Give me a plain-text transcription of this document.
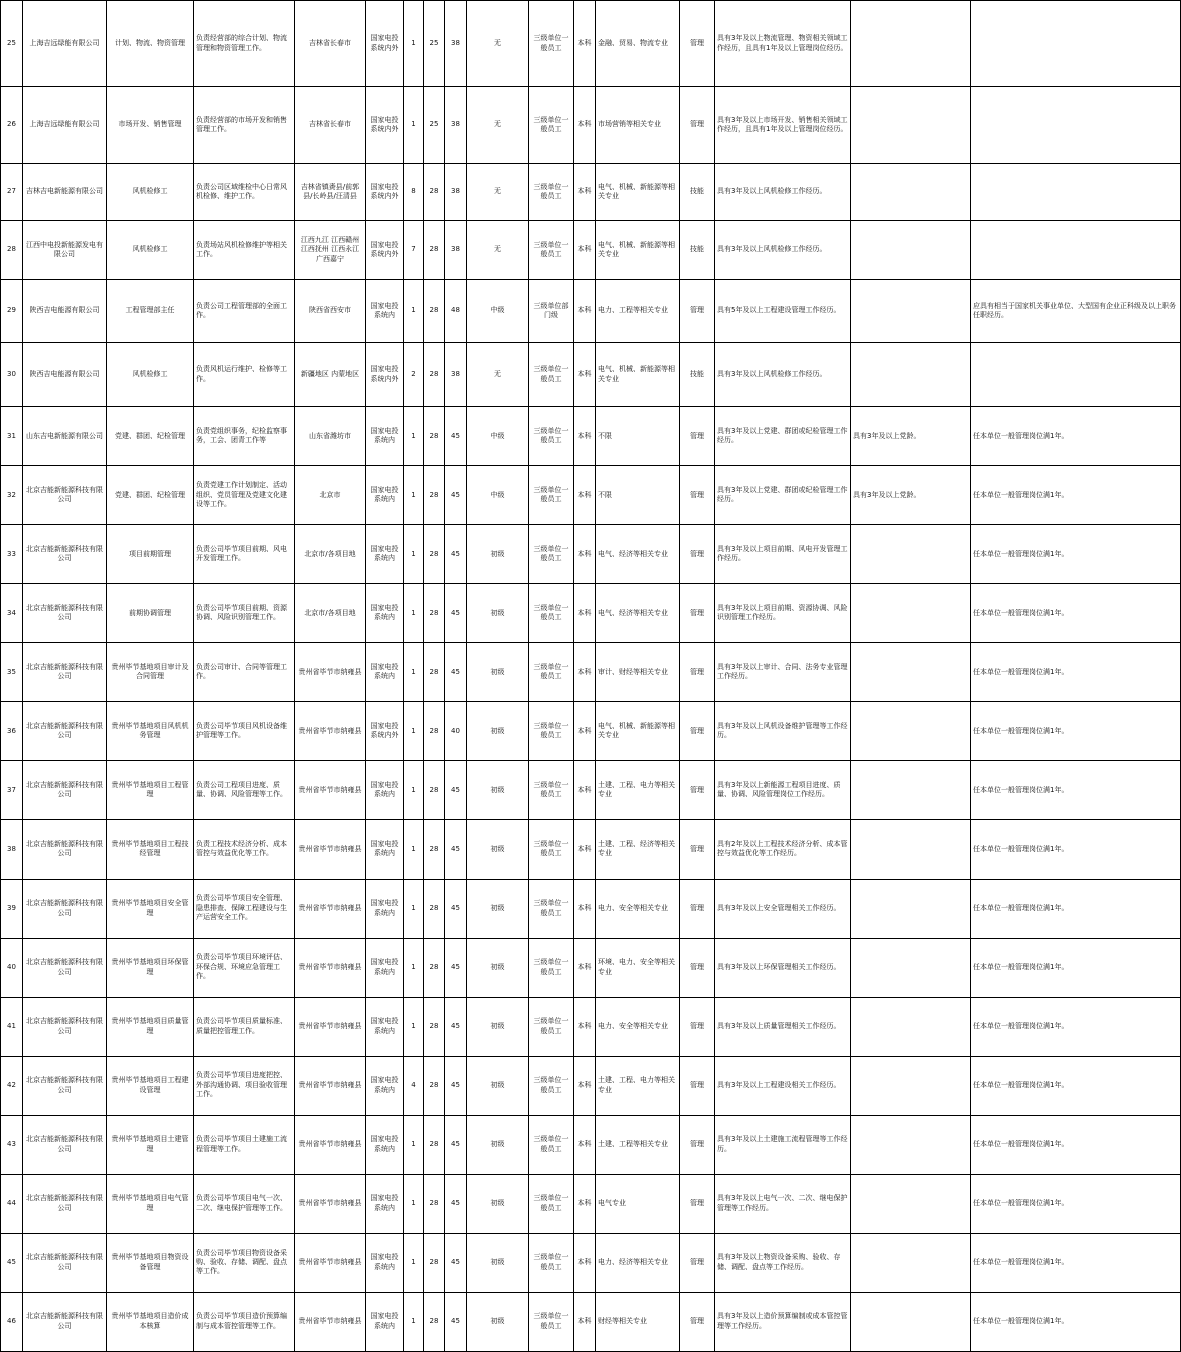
25	上海吉远绿能有限公司	计划、物流、物资管理	负责经营部的综合计划、物流管理和物资管理工作。	吉林省长春市	国家电投系统内外	1	25	38	无	三级单位一般员工	本科	金融、贸易、物流专业	管理	具有3年及以上物流管理、物资相关领域工作经历，且具有1年及以上管理岗位经历。		
26	上海吉远绿能有限公司	市场开发、销售管理	负责经营部的市场开发和销售管理工作。	吉林省长春市	国家电投系统内外	1	25	38	无	三级单位一般员工	本科	市场营销等相关专业	管理	具有3年及以上市场开发、销售相关领域工作经历，且具有1年及以上管理岗位经历。		
27	吉林吉电新能源有限公司	风机检修工	负责公司区域维检中心日常风机检修、维护工作。	吉林省镇赉县/前郭县/长岭县/汪清县	国家电投系统内外	8	28	38	无	三级单位一般员工	本科	电气、机械、新能源等相关专业	技能	具有3年及以上风机检修工作经历。		
28	江西中电投新能源发电有限公司	风机检修工	负责场站风机检修维护等相关工作。	江西九江 江西赣州 江西抚州 江西永江 广西嘉宁	国家电投系统内外	7	28	38	无	三级单位一般员工	本科	电气、机械、新能源等相关专业	技能	具有3年及以上风机检修工作经历。		
29	陕西吉电能源有限公司	工程管理部主任	负责公司工程管理部的全面工作。	陕西省西安市	国家电投系统内	1	28	48	中级	三级单位部门级	本科	电力、工程等相关专业	管理	具有5年及以上工程建设管理工作经历。		应具有相当于国家机关事业单位、大型国有企业正科级及以上职务任职经历。
30	陕西吉电能源有限公司	风机检修工	负责风机运行维护、检修等工作。	新疆地区 内蒙地区	国家电投系统内外	2	28	38	无	三级单位一般员工	本科	电气、机械、新能源等相关专业	技能	具有3年及以上风机检修工作经历。		
31	山东吉电新能源有限公司	党建、群团、纪检管理	负责党组织事务，纪检监察事务，工会、团青工作等	山东省潍坊市	国家电投系统内	1	28	45	中级	三级单位一般员工	本科	不限	管理	具有3年及以上党建、群团或纪检管理工作经历。	具有3年及以上党龄。	任本单位一般管理岗位满1年。
32	北京吉能新能源科技有限公司	党建、群团、纪检管理	负责党建工作计划制定、活动组织、党员管理及党建文化建设等工作。	北京市	国家电投系统内	1	28	45	中级	三级单位一般员工	本科	不限	管理	具有3年及以上党建、群团或纪检管理工作经历。	具有3年及以上党龄。	任本单位一般管理岗位满1年。
33	北京吉能新能源科技有限公司	项目前期管理	负责公司毕节项目前期、风电开发管理工作。	北京市/各项目地	国家电投系统内	1	28	45	初级	三级单位一般员工	本科	电气、经济等相关专业	管理	具有3年及以上项目前期、风电开发管理工作经历。		任本单位一般管理岗位满1年。
34	北京吉能新能源科技有限公司	前期协调管理	负责公司毕节项目前期、资源协调、风险识别管理工作。	北京市/各项目地	国家电投系统内	1	28	45	初级	三级单位一般员工	本科	电气、经济等相关专业	管理	具有3年及以上项目前期、资源协调、风险识别管理工作经历。		任本单位一般管理岗位满1年。
35	北京吉能新能源科技有限公司	贵州毕节基地项目审计及合同管理	负责公司审计、合同等管理工作。	贵州省毕节市纳雍县	国家电投系统内	1	28	45	初级	三级单位一般员工	本科	审计、财经等相关专业	管理	具有3年及以上审计、合同、法务专业管理工作经历。		任本单位一般管理岗位满1年。
36	北京吉能新能源科技有限公司	贵州毕节基地项目风机机务管理	负责公司毕节项目风机设备维护管理等工作。	贵州省毕节市纳雍县	国家电投系统内外	1	28	40	初级	三级单位一般员工	本科	电气、机械、新能源等相关专业	管理	具有3年及以上风机设备维护管理等工作经历。		任本单位一般管理岗位满1年。
37	北京吉能新能源科技有限公司	贵州毕节基地项目工程管理	负责公司工程项目进度、质量、协调、风险管理等工作。	贵州省毕节市纳雍县	国家电投系统内	1	28	45	初级	三级单位一般员工	本科	土建、工程、电力等相关专业	管理	具有3年及以上新能源工程项目进度、质量、协调、风险管理岗位工作经历。		任本单位一般管理岗位满1年。
38	北京吉能新能源科技有限公司	贵州毕节基地项目工程技经管理	负责工程技术经济分析、成本管控与效益优化等工作。	贵州省毕节市纳雍县	国家电投系统内	1	28	45	初级	三级单位一般员工	本科	土建、工程、经济等相关专业	管理	具有2年及以上工程技术经济分析、成本管控与效益优化等工作经历。		任本单位一般管理岗位满1年。
39	北京吉能新能源科技有限公司	贵州毕节基地项目安全管理	负责公司毕节项目安全管理、隐患排查、保障工程建设与生产运营安全工作。	贵州省毕节市纳雍县	国家电投系统内	1	28	45	初级	三级单位一般员工	本科	电力、安全等相关专业	管理	具有3年及以上安全管理相关工作经历。		任本单位一般管理岗位满1年。
40	北京吉能新能源科技有限公司	贵州毕节基地项目环保管理	负责公司毕节项目环境评估、环保合规、环境应急管理工作。	贵州省毕节市纳雍县	国家电投系统内	1	28	45	初级	三级单位一般员工	本科	环境、电力、安全等相关专业	管理	具有3年及以上环保管理相关工作经历。		任本单位一般管理岗位满1年。
41	北京吉能新能源科技有限公司	贵州毕节基地项目质量管理	负责公司毕节项目质量标准、质量把控管理工作。	贵州省毕节市纳雍县	国家电投系统内	1	28	45	初级	三级单位一般员工	本科	电力、安全等相关专业	管理	具有3年及以上质量管理相关工作经历。		任本单位一般管理岗位满1年。
42	北京吉能新能源科技有限公司	贵州毕节基地项目工程建设管理	负责公司毕节项目进度把控、外部沟通协调、项目验收管理工作。	贵州省毕节市纳雍县	国家电投系统内	4	28	45	初级	三级单位一般员工	本科	土建、工程、电力等相关专业	管理	具有3年及以上工程建设相关工作经历。		任本单位一般管理岗位满1年。
43	北京吉能新能源科技有限公司	贵州毕节基地项目土建管理	负责公司毕节项目土建施工流程管理等工作。	贵州省毕节市纳雍县	国家电投系统内	1	28	45	初级	三级单位一般员工	本科	土建、工程等相关专业	管理	具有3年及以上土建施工流程管理等工作经历。		任本单位一般管理岗位满1年。
44	北京吉能新能源科技有限公司	贵州毕节基地项目电气管理	负责公司毕节项目电气一次、二次、继电保护管理等工作。	贵州省毕节市纳雍县	国家电投系统内	1	28	45	初级	三级单位一般员工	本科	电气专业	管理	具有3年及以上电气一次、二次、继电保护管理等工作经历。		任本单位一般管理岗位满1年。
45	北京吉能新能源科技有限公司	贵州毕节基地项目物资设备管理	负责公司毕节项目物资设备采购、验收、存储、调配、盘点等工作。	贵州省毕节市纳雍县	国家电投系统内	1	28	45	初级	三级单位一般员工	本科	电力、经济等相关专业	管理	具有3年及以上物资设备采购、验收、存储、调配、盘点等工作经历。		任本单位一般管理岗位满1年。
46	北京吉能新能源科技有限公司	贵州毕节基地项目造价成本核算	负责公司毕节项目造价预算编制与成本管控管理等工作。	贵州省毕节市纳雍县	国家电投系统内	1	28	45	初级	三级单位一般员工	本科	财经等相关专业	管理	具有3年及以上造价预算编制或成本管控管理等工作经历。		任本单位一般管理岗位满1年。
